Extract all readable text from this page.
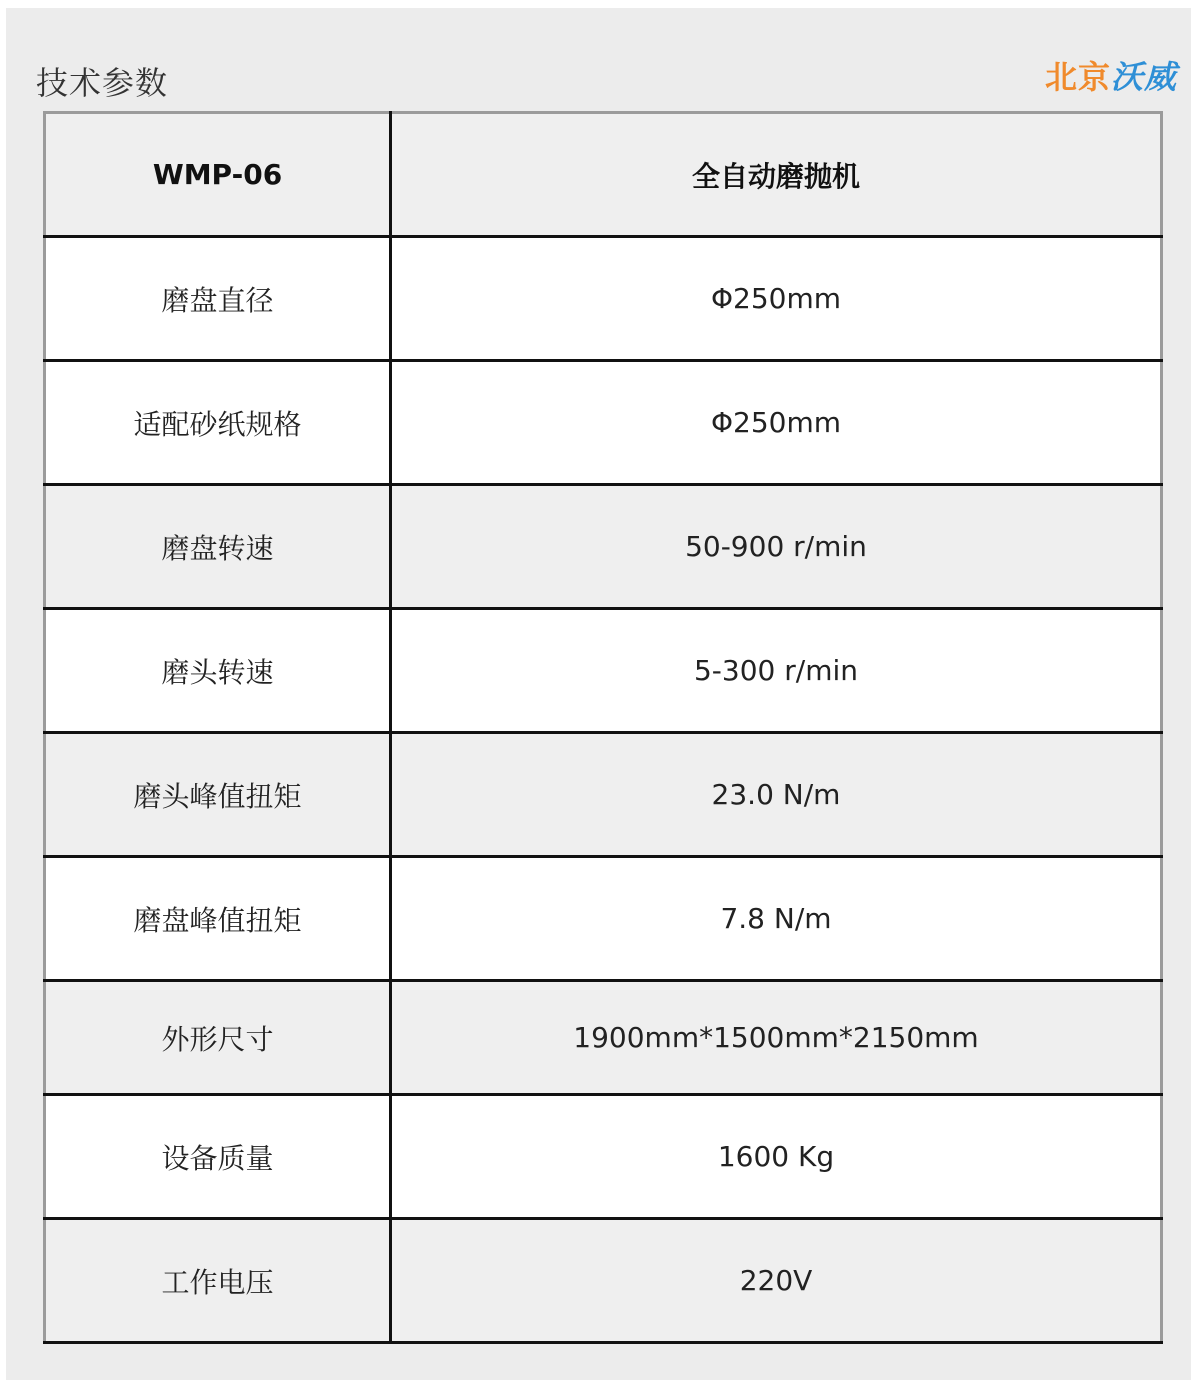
技术参数	北京沃威
WMP-06	全自动磨抛机
磨盘直径	Φ250mm
适配砂纸规格	Φ250mm
磨盘转速	50-900 r/min
磨头转速	5-300 r/min
磨头峰值扭矩	23.0 N/m
磨盘峰值扭矩	7.8 N/m
外形尺寸	1900mm*1500mm*2150mm
设备质量	1600 Kg
工作电压	220V
